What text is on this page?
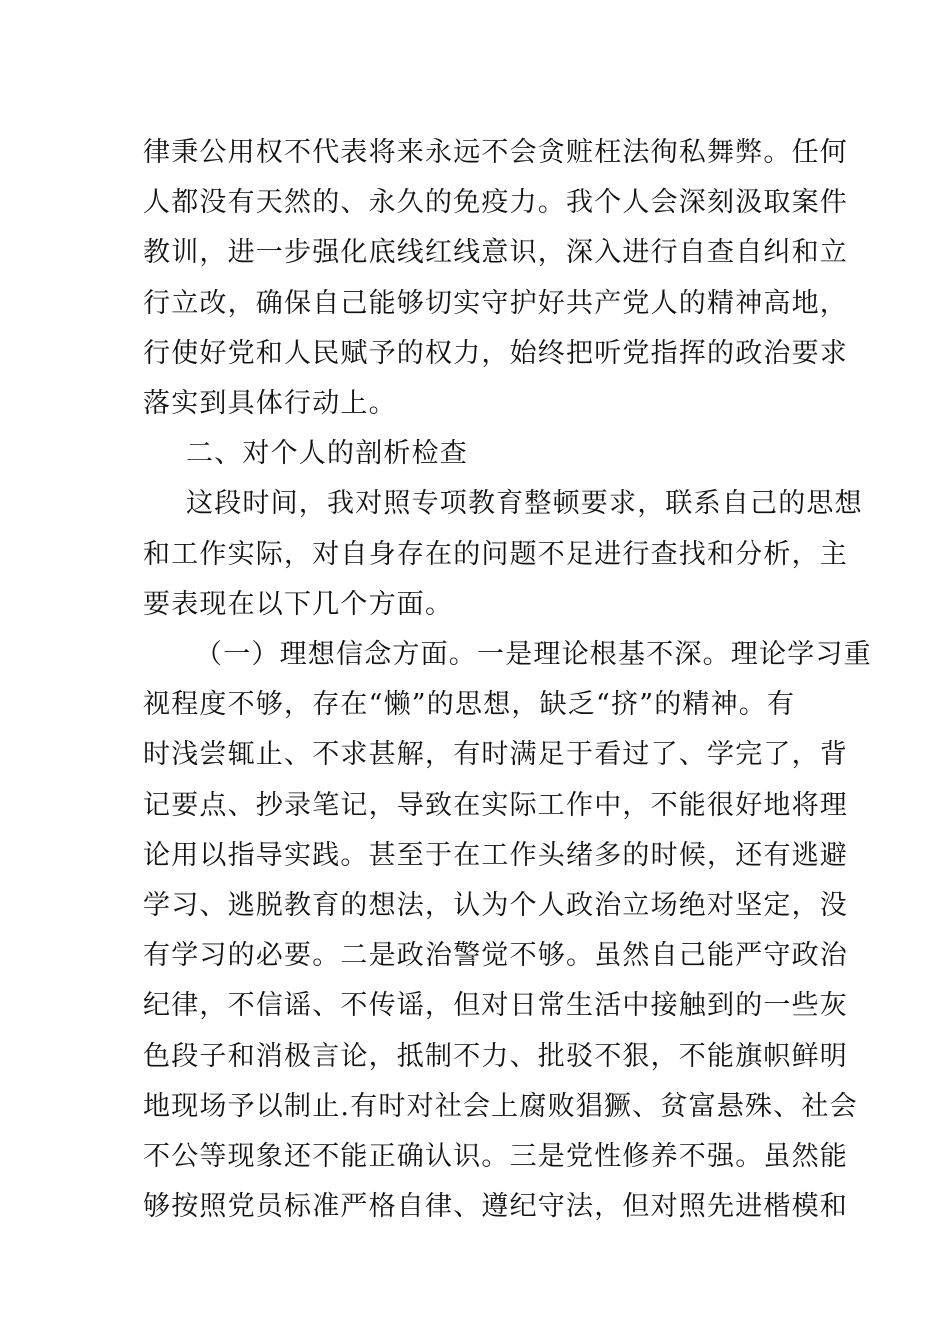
律秉公用权不代表将来永远不会贪赃枉法徇私舞弊。任何
人都没有天然的、永久的免疫力。我个人会深刻汲取案件
教训，进一步强化底线红线意识，深入进行自查自纠和立
行立改，确保自己能够切实守护好共产党人的精神高地，
行使好党和人民赋予的权力，始终把听党指挥的政治要求
落实到具体行动上。

二、对个人的剖析检查

这段时间，我对照专项教育整顿要求，联系自己的思想
和工作实际，对自身存在的问题不足进行查找和分析，主
要表现在以下几个方面。

（一）理想信念方面。一是理论根基不深。理论学习重
视程度不够，存在“懒”的思想，缺乏“挤”的精神。有
时浅尝辄止、不求甚解，有时满足于看过了、学完了，背
记要点、抄录笔记，导致在实际工作中，不能很好地将理
论用以指导实践。甚至于在工作头绪多的时候，还有逃避
学习、逃脱教育的想法，认为个人政治立场绝对坚定，没
有学习的必要。二是政治警觉不够。虽然自己能严守政治
纪律，不信谣、不传谣，但对日常生活中接触到的一些灰
色段子和消极言论，抵制不力、批驳不狠，不能旗帜鲜明
地现场予以制止.有时对社会上腐败猖獗、贫富悬殊、社会
不公等现象还不能正确认识。三是党性修养不强。虽然能
够按照党员标准严格自律、遵纪守法，但对照先进楷模和
